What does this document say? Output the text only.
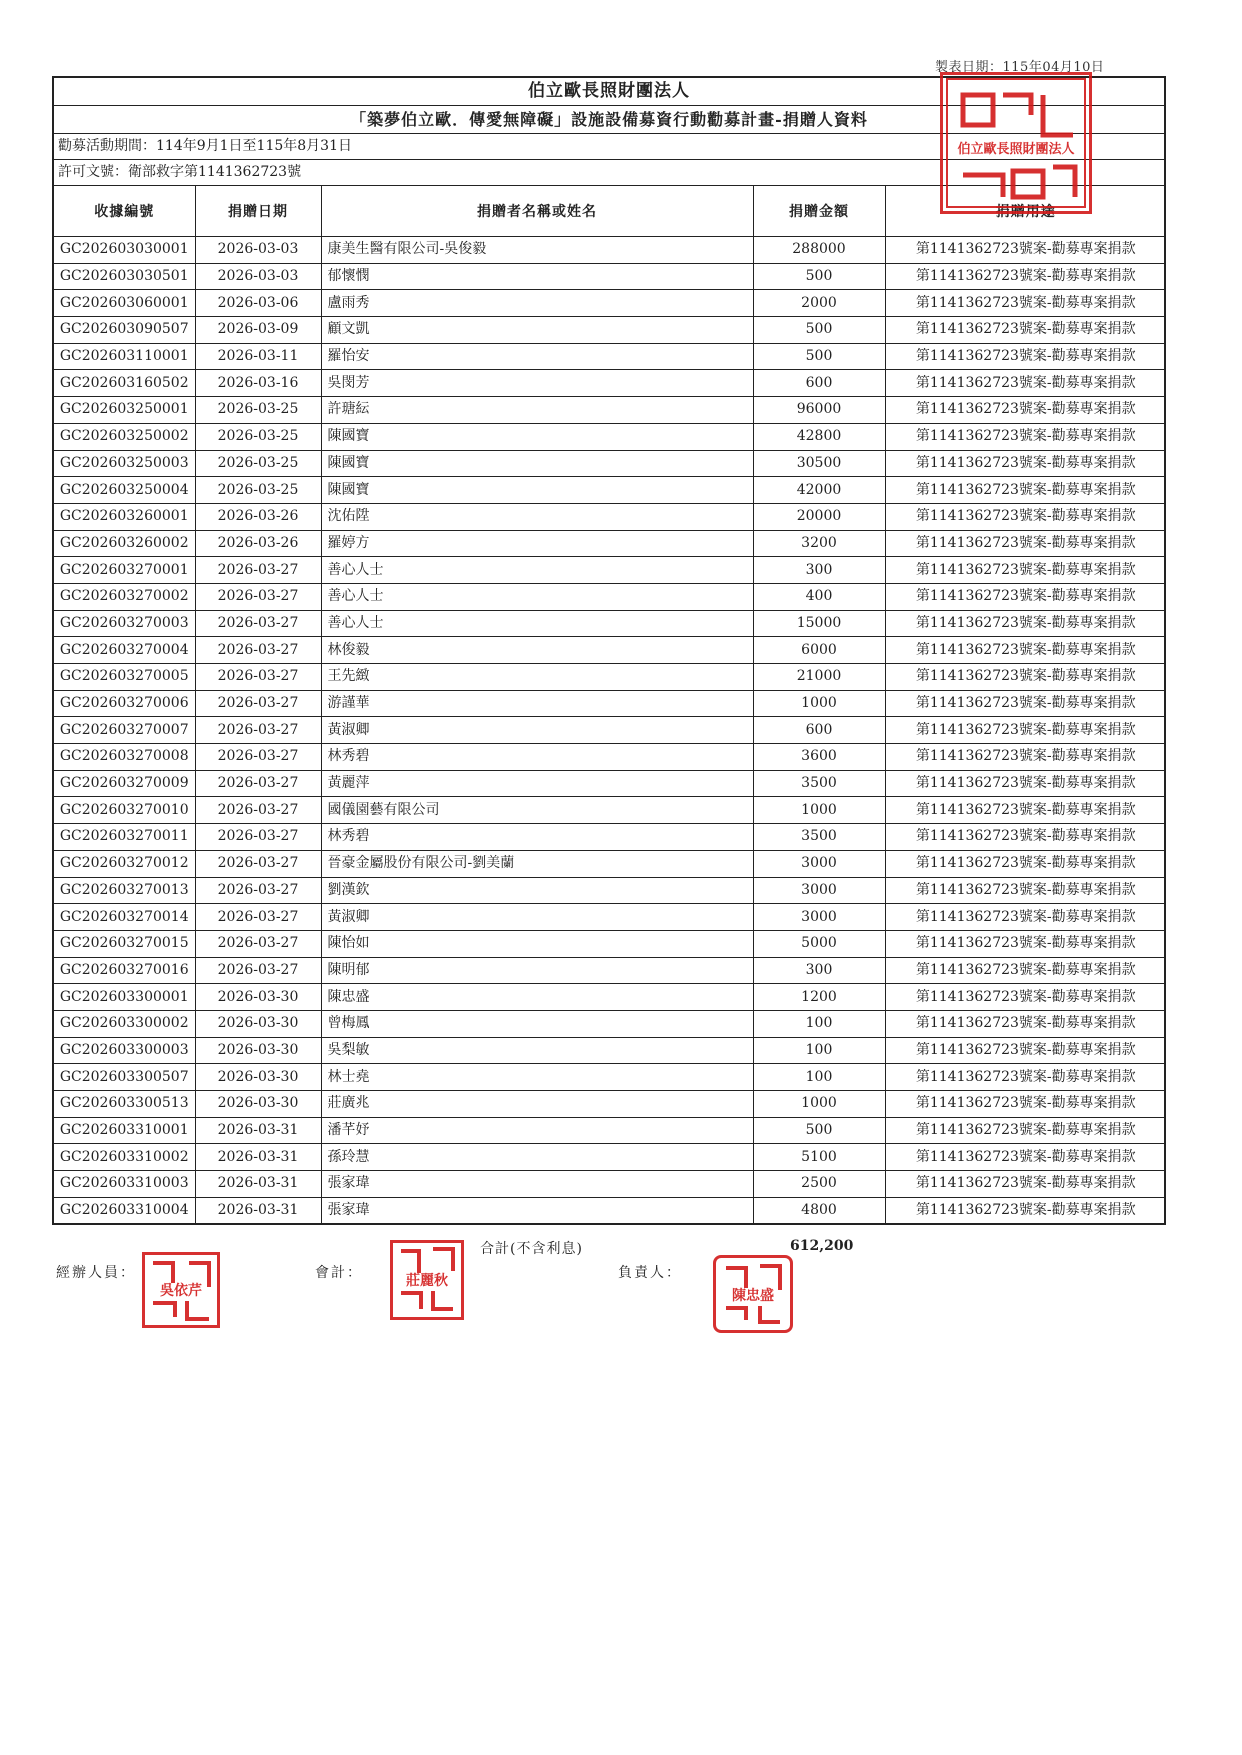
製表日期：115年04月10日
伯立歐長照財團法人
「築夢伯立歐．傳愛無障礙」設施設備募資行動勸募計畫-捐贈人資料
勸募活動期間：114年9月1日至115年8月31日
許可文號：衛部救字第1141362723號
收據編號	捐贈日期	捐贈者名稱或姓名	捐贈金額	捐贈用途
GC202603030001	2026-03-03	康美生醫有限公司-吳俊毅	288000	第1141362723號案-勸募專案捐款
GC202603030501	2026-03-03	郁懷憫	500	第1141362723號案-勸募專案捐款
GC202603060001	2026-03-06	盧雨秀	2000	第1141362723號案-勸募專案捐款
GC202603090507	2026-03-09	顧文凱	500	第1141362723號案-勸募專案捐款
GC202603110001	2026-03-11	羅怡安	500	第1141362723號案-勸募專案捐款
GC202603160502	2026-03-16	吳閔芳	600	第1141362723號案-勸募專案捐款
GC202603250001	2026-03-25	許瑭紜	96000	第1141362723號案-勸募專案捐款
GC202603250002	2026-03-25	陳國寶	42800	第1141362723號案-勸募專案捐款
GC202603250003	2026-03-25	陳國寶	30500	第1141362723號案-勸募專案捐款
GC202603250004	2026-03-25	陳國寶	42000	第1141362723號案-勸募專案捐款
GC202603260001	2026-03-26	沈佑陞	20000	第1141362723號案-勸募專案捐款
GC202603260002	2026-03-26	羅婷方	3200	第1141362723號案-勸募專案捐款
GC202603270001	2026-03-27	善心人士	300	第1141362723號案-勸募專案捐款
GC202603270002	2026-03-27	善心人士	400	第1141362723號案-勸募專案捐款
GC202603270003	2026-03-27	善心人士	15000	第1141362723號案-勸募專案捐款
GC202603270004	2026-03-27	林俊毅	6000	第1141362723號案-勸募專案捐款
GC202603270005	2026-03-27	王先緻	21000	第1141362723號案-勸募專案捐款
GC202603270006	2026-03-27	游謹華	1000	第1141362723號案-勸募專案捐款
GC202603270007	2026-03-27	黃淑卿	600	第1141362723號案-勸募專案捐款
GC202603270008	2026-03-27	林秀碧	3600	第1141362723號案-勸募專案捐款
GC202603270009	2026-03-27	黃麗萍	3500	第1141362723號案-勸募專案捐款
GC202603270010	2026-03-27	國儀園藝有限公司	1000	第1141362723號案-勸募專案捐款
GC202603270011	2026-03-27	林秀碧	3500	第1141362723號案-勸募專案捐款
GC202603270012	2026-03-27	晉豪金屬股份有限公司-劉美蘭	3000	第1141362723號案-勸募專案捐款
GC202603270013	2026-03-27	劉漢欽	3000	第1141362723號案-勸募專案捐款
GC202603270014	2026-03-27	黃淑卿	3000	第1141362723號案-勸募專案捐款
GC202603270015	2026-03-27	陳怡如	5000	第1141362723號案-勸募專案捐款
GC202603270016	2026-03-27	陳明郁	300	第1141362723號案-勸募專案捐款
GC202603300001	2026-03-30	陳忠盛	1200	第1141362723號案-勸募專案捐款
GC202603300002	2026-03-30	曾梅鳳	100	第1141362723號案-勸募專案捐款
GC202603300003	2026-03-30	吳梨敏	100	第1141362723號案-勸募專案捐款
GC202603300507	2026-03-30	林士堯	100	第1141362723號案-勸募專案捐款
GC202603300513	2026-03-30	莊廣兆	1000	第1141362723號案-勸募專案捐款
GC202603310001	2026-03-31	潘芊妤	500	第1141362723號案-勸募專案捐款
GC202603310002	2026-03-31	孫玲慧	5100	第1141362723號案-勸募專案捐款
GC202603310003	2026-03-31	張家瑋	2500	第1141362723號案-勸募專案捐款
GC202603310004	2026-03-31	張家瑋	4800	第1141362723號案-勸募專案捐款
伯立歐長照財團法人
合計(不含利息)	612,200
經辦人員：	會計：	負責人：
吳依芹
莊麗秋
陳忠盛
